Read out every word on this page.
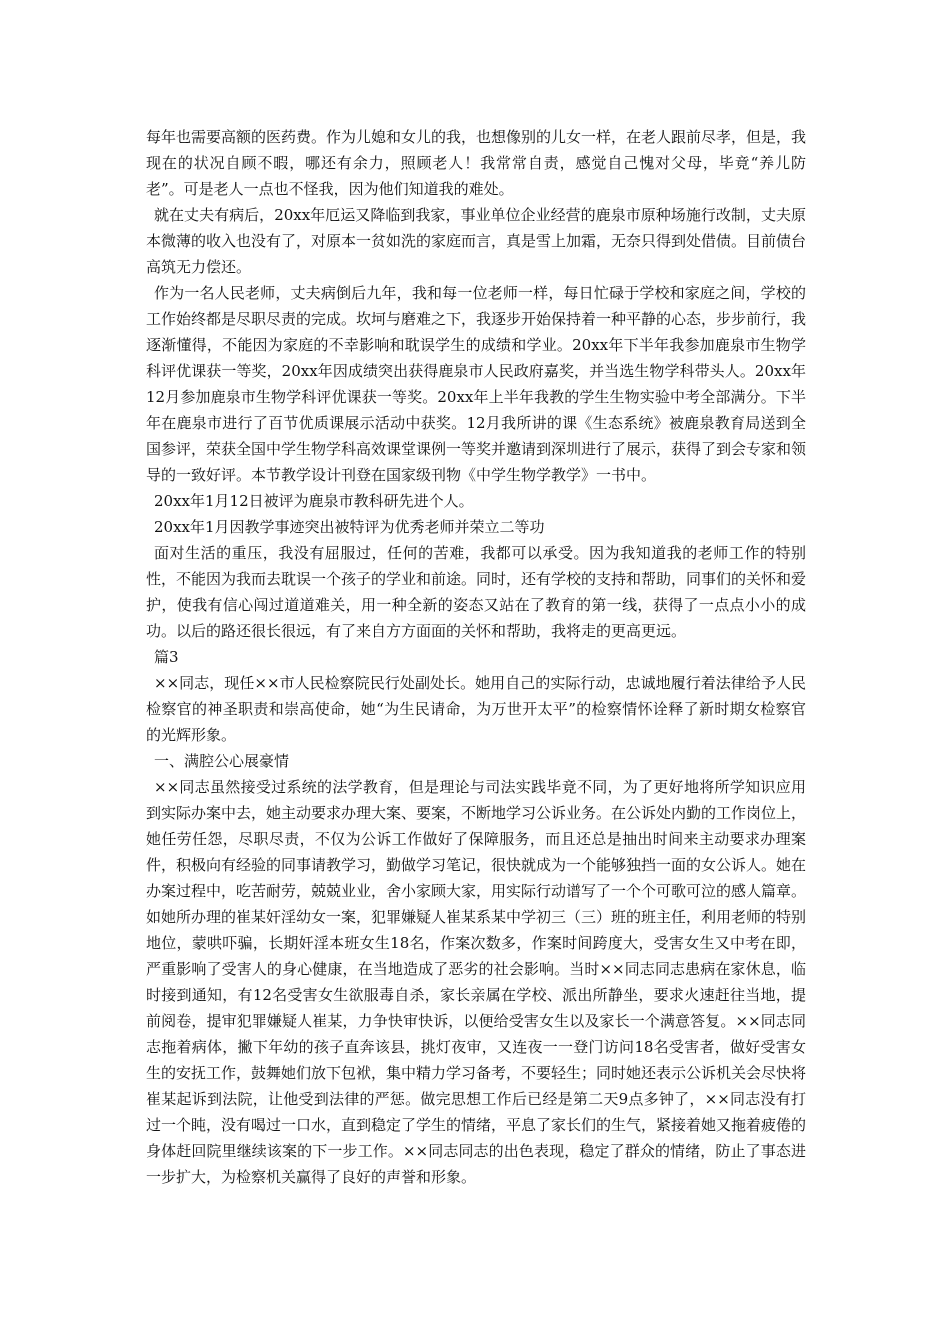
每年也需要高额的医药费。作为儿媳和女儿的我，也想像别的儿女一样，在老人跟前尽孝，但是，我现在的状况自顾不暇，哪还有余力，照顾老人！我常常自责，感觉自己愧对父母，毕竟“养儿防老”。可是老人一点也不怪我，因为他们知道我的难处。

就在丈夫有病后，20xx年厄运又降临到我家，事业单位企业经营的鹿泉市原种场施行改制，丈夫原本微薄的收入也没有了，对原本一贫如洗的家庭而言，真是雪上加霜，无奈只得到处借债。目前债台高筑无力偿还。

作为一名人民老师，丈夫病倒后九年，我和每一位老师一样，每日忙碌于学校和家庭之间，学校的工作始终都是尽职尽责的完成。坎坷与磨难之下，我逐步开始保持着一种平静的心态，步步前行，我逐渐懂得，不能因为家庭的不幸影响和耽误学生的成绩和学业。20xx年下半年我参加鹿泉市生物学科评优课获一等奖，20xx年因成绩突出获得鹿泉市人民政府嘉奖，并当选生物学科带头人。20xx年12月参加鹿泉市生物学科评优课获一等奖。20xx年上半年我教的学生生物实验中考全部满分。下半年在鹿泉市进行了百节优质课展示活动中获奖。12月我所讲的课《生态系统》被鹿泉教育局送到全国参评，荣获全国中学生物学科高效课堂课例一等奖并邀请到深圳进行了展示，获得了到会专家和领导的一致好评。本节教学设计刊登在国家级刊物《中学生物学教学》一书中。

20xx年1月12日被评为鹿泉市教科研先进个人。

20xx年1月因教学事迹突出被特评为优秀老师并荣立二等功

面对生活的重压，我没有屈服过，任何的苦难，我都可以承受。因为我知道我的老师工作的特别性，不能因为我而去耽误一个孩子的学业和前途。同时，还有学校的支持和帮助，同事们的关怀和爱护，使我有信心闯过道道难关，用一种全新的姿态又站在了教育的第一线，获得了一点点小小的成功。以后的路还很长很远，有了来自方方面面的关怀和帮助，我将走的更高更远。

篇3

××同志，现任××市人民检察院民行处副处长。她用自己的实际行动，忠诚地履行着法律给予人民检察官的神圣职责和崇高使命，她“为生民请命，为万世开太平”的检察情怀诠释了新时期女检察官的光辉形象。

一、满腔公心展豪情

××同志虽然接受过系统的法学教育，但是理论与司法实践毕竟不同，为了更好地将所学知识应用到实际办案中去，她主动要求办理大案、要案，不断地学习公诉业务。在公诉处内勤的工作岗位上，她任劳任怨，尽职尽责，不仅为公诉工作做好了保障服务，而且还总是抽出时间来主动要求办理案件，积极向有经验的同事请教学习，勤做学习笔记，很快就成为一个能够独挡一面的女公诉人。她在办案过程中，吃苦耐劳，兢兢业业，舍小家顾大家，用实际行动谱写了一个个可歌可泣的感人篇章。如她所办理的崔某奸淫幼女一案，犯罪嫌疑人崔某系某中学初三（三）班的班主任，利用老师的特别地位，蒙哄吓骗，长期奸淫本班女生18名，作案次数多，作案时间跨度大，受害女生又中考在即，严重影响了受害人的身心健康，在当地造成了恶劣的社会影响。当时××同志同志患病在家休息，临时接到通知，有12名受害女生欲服毒自杀，家长亲属在学校、派出所静坐，要求火速赶往当地，提前阅卷，提审犯罪嫌疑人崔某，力争快审快诉，以便给受害女生以及家长一个满意答复。××同志同志拖着病体，撇下年幼的孩子直奔该县，挑灯夜审，又连夜一一登门访问18名受害者，做好受害女生的安抚工作，鼓舞她们放下包袱，集中精力学习备考，不要轻生；同时她还表示公诉机关会尽快将崔某起诉到法院，让他受到法律的严惩。做完思想工作后已经是第二天9点多钟了，××同志没有打过一个盹，没有喝过一口水，直到稳定了学生的情绪，平息了家长们的生气，紧接着她又拖着疲倦的身体赶回院里继续该案的下一步工作。××同志同志的出色表现，稳定了群众的情绪，防止了事态进一步扩大，为检察机关赢得了良好的声誉和形象。
